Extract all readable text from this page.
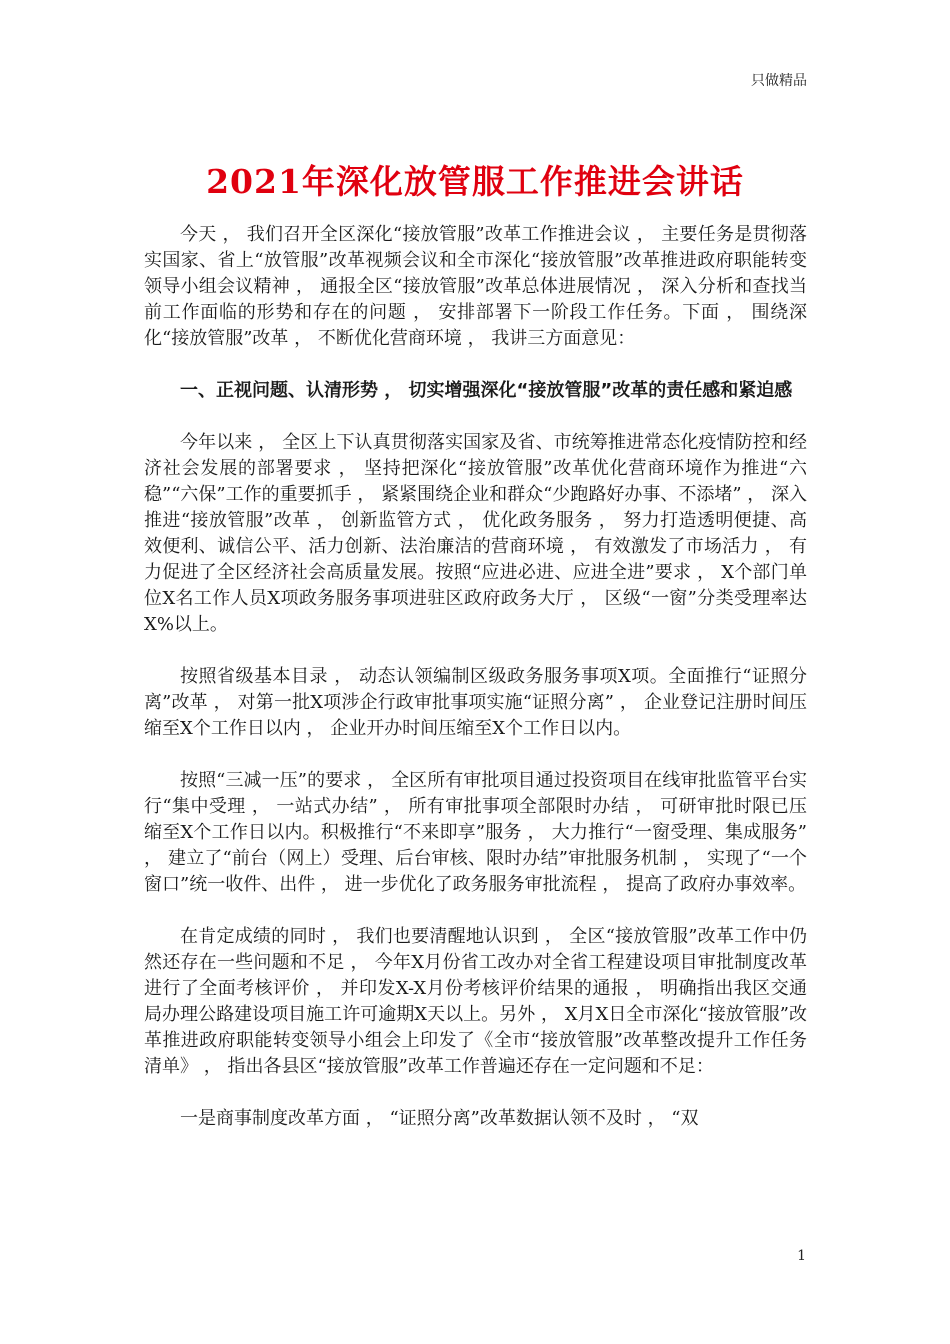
只做精品
2021年深化放管服工作推进会讲话

今天 ， 我们召开全区深化“接放管服”改革工作推进会议 ， 主要任务是贯彻落实国家、省上“放管服”改革视频会议和全市深化“接放管服”改革推进政府职能转变领导小组会议精神 ， 通报全区“接放管服”改革总体进展情况 ， 深入分析和查找当前工作面临的形势和存在的问题 ， 安排部署下一阶段工作任务。下面 ， 围绕深化“接放管服”改革 ， 不断优化营商环境 ， 我讲三方面意见：

一、正视问题、认清形势 ， 切实增强深化“接放管服”改革的责任感和紧迫感

今年以来 ， 全区上下认真贯彻落实国家及省、市统筹推进常态化疫情防控和经济社会发展的部署要求 ， 坚持把深化“接放管服”改革优化营商环境作为推进“六稳”“六保”工作的重要抓手 ， 紧紧围绕企业和群众“少跑路好办事、不添堵” ， 深入推进“接放管服”改革 ， 创新监管方式 ， 优化政务服务 ， 努力打造透明便捷、高效便利、诚信公平、活力创新、法治廉洁的营商环境 ， 有效激发了市场活力 ， 有力促进了全区经济社会高质量发展。按照“应进必进、应进全进”要求 ， X个部门单位X名工作人员X项政务服务事项进驻区政府政务大厅 ， 区级“一窗”分类受理率达X%以上。

按照省级基本目录 ， 动态认领编制区级政务服务事项X项。全面推行“证照分离”改革 ， 对第一批X项涉企行政审批事项实施“证照分离” ， 企业登记注册时间压缩至X个工作日以内 ， 企业开办时间压缩至X个工作日以内。

按照“三减一压”的要求 ， 全区所有审批项目通过投资项目在线审批监管平台实行“集中受理 ， 一站式办结” ， 所有审批事项全部限时办结 ， 可研审批时限已压缩至X个工作日以内。积极推行“不来即享”服务 ， 大力推行“一窗受理、集成服务” ， 建立了“前台（网上）受理、后台审核、限时办结”审批服务机制 ， 实现了“一个窗口”统一收件、出件 ， 进一步优化了政务服务审批流程 ， 提高了政府办事效率。

在肯定成绩的同时 ， 我们也要清醒地认识到 ， 全区“接放管服”改革工作中仍然还存在一些问题和不足 ， 今年X月份省工改办对全省工程建设项目审批制度改革进行了全面考核评价 ， 并印发X-X月份考核评价结果的通报 ， 明确指出我区交通局办理公路建设项目施工许可逾期X天以上。另外 ， X月X日全市深化“接放管服”改革推进政府职能转变领导小组会上印发了《全市“接放管服”改革整改提升工作任务清单》 ， 指出各县区“接放管服”改革工作普遍还存在一定问题和不足：

一是商事制度改革方面 ， “证照分离”改革数据认领不及时 ， “双

1
